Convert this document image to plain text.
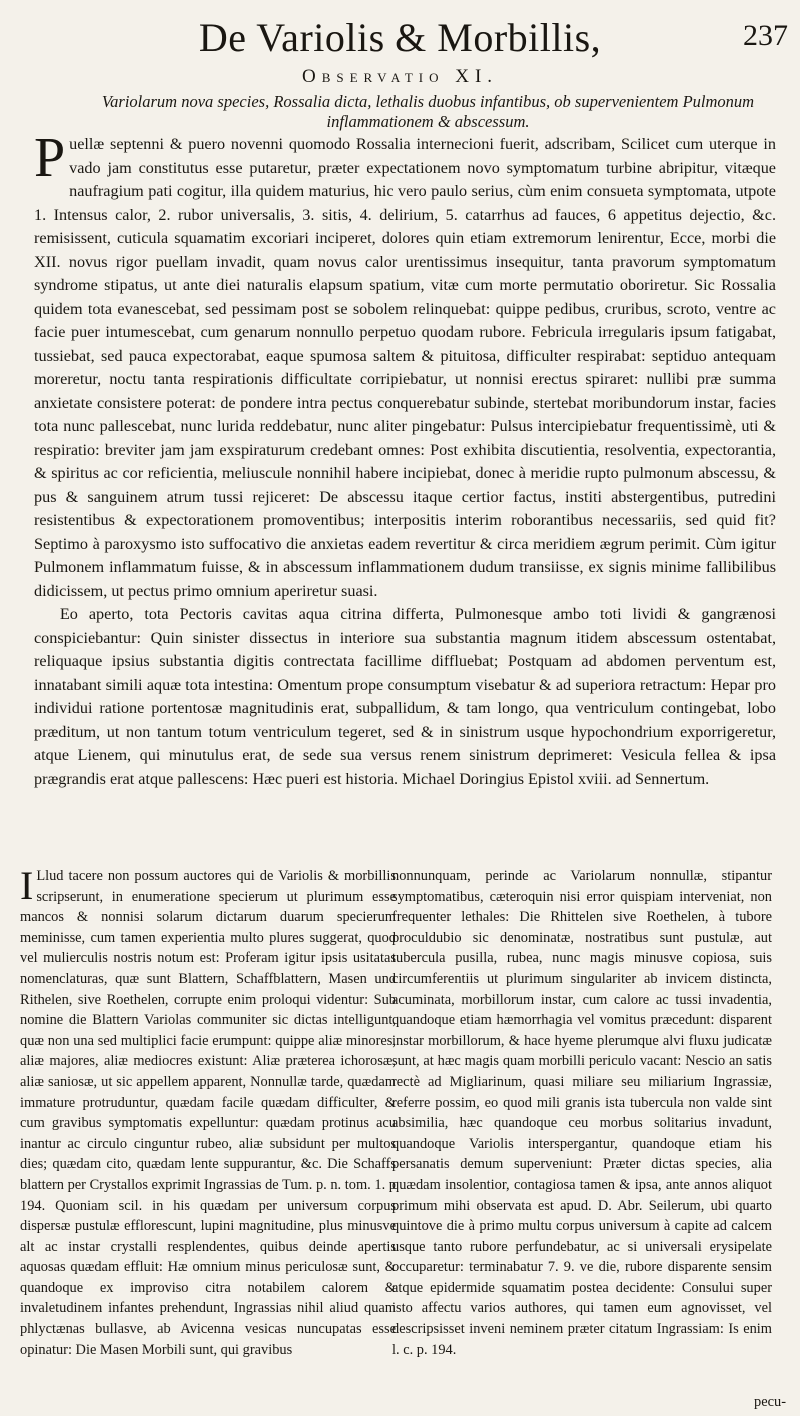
De Variolis & Morbillis,	237
Observatio XI.
Variolarum nova species, Rossalia dicta, lethalis duobus infantibus, ob supervenientem Pulmonum inflammationem & abscessum.

P uellæ septenni & puero novenni quomodo Rossalia internecioni fuerit, adscribam, Scilicet cum uterque in vado jam constitutus esse putaretur, præter expectationem novo symptomatum turbine abripitur, vitæque naufragium pati cogitur, illa quidem maturius, hic vero paulo serius, cùm enim consueta symptomata, utpote 1. Intensus calor, 2. rubor universalis, 3. sitis, 4. delirium, 5. catarrhus ad fauces, 6 appetitus dejectio, &c. remisissent, cuticula squamatim excoriari inciperet, dolores quin etiam extremorum lenirentur, Ecce, morbi die XII. novus rigor puellam invadit, quam novus calor urentissimus insequitur, tanta pravorum symptomatum syndrome stipatus, ut ante diei naturalis elapsum spatium, vitæ cum morte permutatio oboriretur. Sic Rossalia quidem tota evanescebat, sed pessimam post se sobolem relinquebat: quippe pedibus, cruribus, scroto, ventre ac facie puer intumescebat, cum genarum nonnullo perpetuo quodam rubore. Febricula irregularis ipsum fatigabat, tussiebat, sed pauca expectorabat, eaque spumosa saltem & pituitosa, difficulter respirabat: septiduo antequam moreretur, noctu tanta respirationis difficultate corripiebatur, ut nonnisi erectus spiraret: nullibi præ summa anxietate consistere poterat: de pondere intra pectus conquerebatur subinde, stertebat moribundorum instar, facies tota nunc pallescebat, nunc lurida reddebatur, nunc aliter pingebatur: Pulsus intercipiebatur frequentissimè, uti & respiratio: breviter jam jam exspiraturum credebant omnes: Post exhibita discutientia, resolventia, expectorantia, & spiritus ac cor reficientia, meliuscule nonnihil habere incipiebat, donec à meridie rupto pulmonum abscessu, & pus & sanguinem atrum tussi rejiceret: De abscessu itaque certior factus, institi abstergentibus, putredini resistentibus & expectorationem promoventibus; interpositis interim roborantibus necessariis, sed quid fit? Septimo à paroxysmo isto suffocativo die anxietas eadem revertitur & circa meridiem ægrum perimit. Cùm igitur Pulmonem inflammatum fuisse, & in abscessum inflammationem dudum transiisse, ex signis minime fallibilibus didicissem, ut pectus primo omnium aperiretur suasi.

Eo aperto, tota Pectoris cavitas aqua citrina differta, Pulmonesque ambo toti lividi & gangrænosi conspiciebantur: Quin sinister dissectus in interiore sua substantia magnum itidem abscessum ostentabat, reliquaque ipsius substantia digitis contrectata facillime diffluebat; Postquam ad abdomen perventum est, innatabant simili aquæ tota intestina: Omentum prope consumptum visebatur & ad superiora retractum: Hepar pro individui ratione portentosæ magnitudinis erat, subpallidum, & tam longo, qua ventriculum contingebat, lobo præditum, ut non tantum totum ventriculum tegeret, sed & in sinistrum usque hypochondrium exporrigeretur, atque Lienem, qui minutulus erat, de sede sua versus renem sinistrum deprimeret: Vesicula fellea & ipsa prægrandis erat atque pallescens: Hæc pueri est historia. Michael Doringius Epistol xviii. ad Sennertum.

I Llud tacere non possum auctores qui de Variolis & morbillis scripserunt, in enumeratione specierum ut plurimum esse mancos & nonnisi solarum dictarum duarum specierum meminisse, cum tamen experientia multo plures suggerat, quod vel mulierculis nostris notum est: Proferam igitur ipsis usitatas nomenclaturas, quæ sunt Blattern, Schaffblattern, Masen und Rithelen, sive Roethelen, corrupte enim proloqui videntur: Sub nomine die Blattern Variolas communiter sic dictas intelligunt, quæ non una sed multiplici facie erumpunt: quippe aliæ minores, aliæ majores, aliæ mediocres existunt: Aliæ præterea ichorosæ, aliæ saniosæ, ut sic appellem apparent, Nonnullæ tarde, quædam immature protruduntur, quædam facile quædam difficulter, & cum gravibus symptomatis expelluntur: quædam protinus acu inantur ac circulo cinguntur rubeo, aliæ subsidunt per multos dies; quædam cito, quædam lente suppurantur, &c. Die Schaffs blattern per Crystallos exprimit Ingrassias de Tum. p. n. tom. 1. p 194. Quoniam scil. in his quædam per universum corpus dispersæ pustulæ efflorescunt, lupini magnitudine, plus minusve alt ac instar crystalli resplendentes, quibus deinde apertis aquosas quædam effluit: Hæ omnium minus periculosæ sunt, & quandoque ex improviso citra notabilem calorem & invaletudinem infantes prehendunt, Ingrassias nihil aliud quam phlyctænas bullasve, ab Avicenna vesicas nuncupatas esse opinatur: Die Masen Morbili sunt, qui gravibus

nonnunquam, perinde ac Variolarum nonnullæ, stipantur symptomatibus, cæteroquin nisi error quispiam interveniat, non frequenter lethales: Die Rhittelen sive Roethelen, à tubore proculdubio sic denominatæ, nostratibus sunt pustulæ, aut tubercula pusilla, rubea, nunc magis minusve copiosa, suis circumferentiis ut plurimum singulariter ab invicem distincta, acuminata, morbillorum instar, cum calore ac tussi invadentia, quandoque etiam hæmorrhagia vel vomitus præcedunt: disparent instar morbillorum, & hace hyeme plerumque alvi fluxu judicatæ sunt, at hæc magis quam morbilli periculo vacant: Nescio an satis rectè ad Migliarinum, quasi miliare seu miliarium Ingrassiæ, referre possim, eo quod mili granis ista tubercula non valde sint absimilia, hæc quandoque ceu morbus solitarius invadunt, quandoque Variolis interspergantur, quandoque etiam his persanatis demum superveniunt: Præter dictas species, alia quædam insolentior, contagiosa tamen & ipsa, ante annos aliquot primum mihi observata est apud. D. Abr. Seilerum, ubi quarto quintove die à primo multu corpus universum à capite ad calcem usque tanto rubore perfundebatur, ac si universali erysipelate occuparetur: terminabatur 7. 9. ve die, rubore disparente sensim atque epidermide squamatim postea decidente: Consului super isto affectu varios authores, qui tamen eum agnovisset, vel descripsisset inveni neminem præter citatum Ingrassiam: Is enim l. c. p. 194.

pecu-
